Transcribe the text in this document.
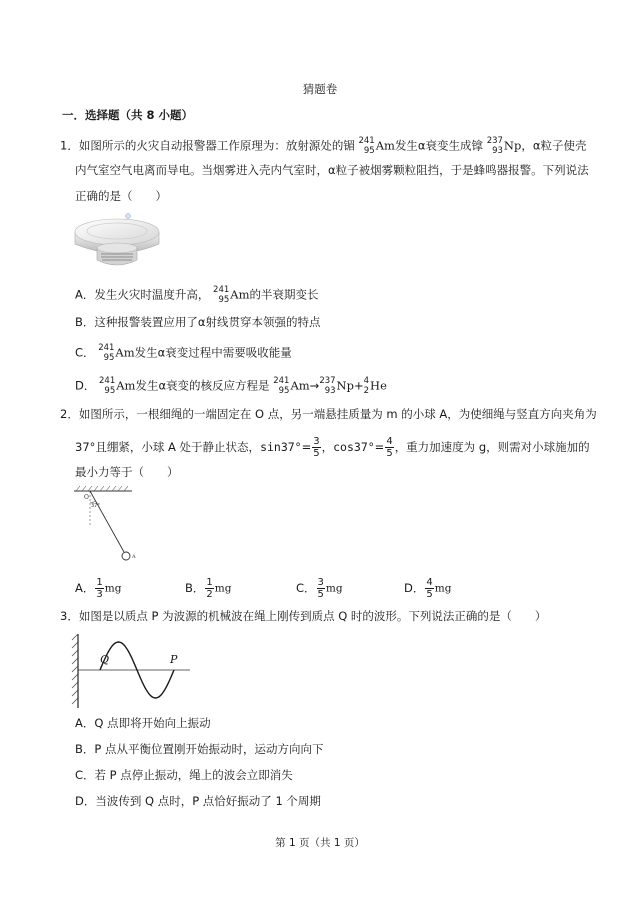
猜题卷
一．选择题（共 8 小题）
1．如图所示的火灾自动报警器工作原理为：放射源处的镅 241
95 Am发生α衰变生成镎 237
93 Np，α粒子使壳
内气室空气电离而导电。当烟雾进入壳内气室时，α粒子被烟雾颗粒阻挡，于是蜂鸣器报警。下列说法
正确的是（　　）
A．发生火灾时温度升高， 241
95 Am的半衰期变长
B．这种报警装置应用了α射线贯穿本领强的特点
C． 241
95 Am发生α衰变过程中需要吸收能量
D． 241
95 Am发生α衰变的核反应方程是 241
95 Am→ 237
93 Np+ 4
2 He
2．如图所示，一根细绳的一端固定在 O 点，另一端悬挂质量为 m 的小球 A，为使细绳与竖直方向夹角为
37°且绷紧，小球 A 处于静止状态，$\sin 37^\circ= \frac{3}{5}$ ，$\cos 37^\circ= \frac{4}{5}$ ，重力加速度为 g，则需对小球施加的
最小力等于（　　）
O
37°
A
A． $\frac{1}{3}$ mg	B． $\frac{1}{2}$ mg	C． $\frac{3}{5}$ mg	D． $\frac{4}{5}$ mg
3．如图是以质点 P 为波源的机械波在绳上刚传到质点 Q 时的波形。下列说法正确的是（　　）
Q	P
A．Q 点即将开始向上振动
B．P 点从平衡位置刚开始振动时，运动方向向下
C．若 P 点停止振动，绳上的波会立即消失
D．当波传到 Q 点时，P 点恰好振动了 1 个周期
第 1 页（共 1 页）
